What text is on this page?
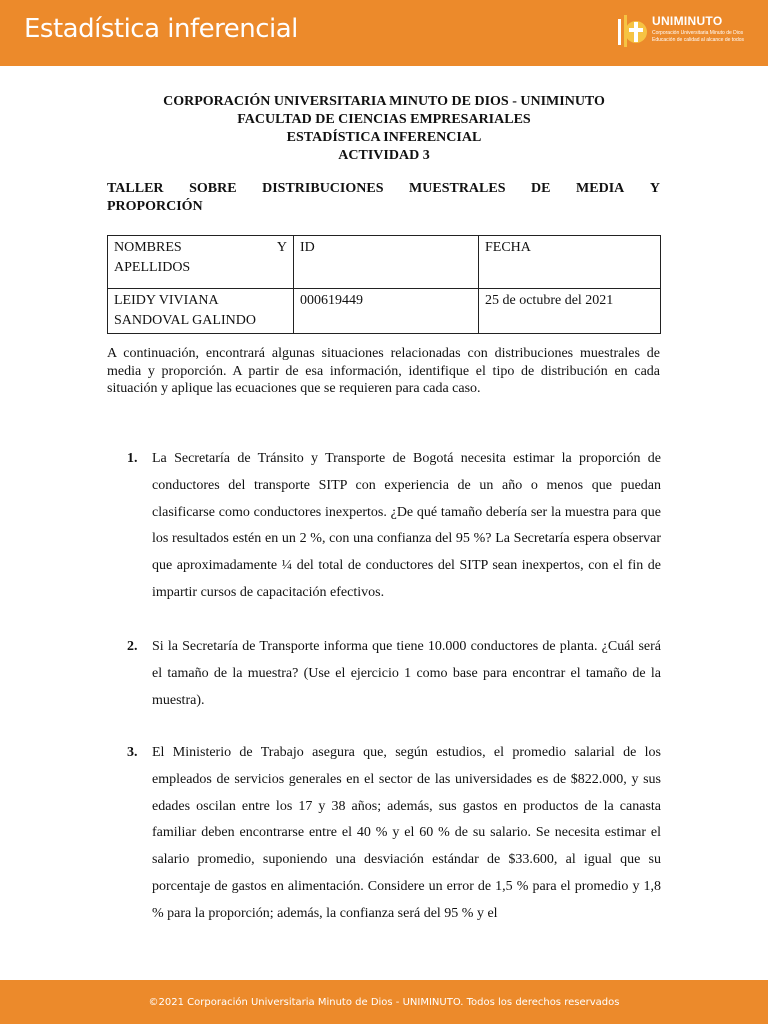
Estadística inferencial	UNIMINUTO
Corporación Universitaria Minuto de Dios
Educación de calidad al alcance de todos
CORPORACIÓN UNIVERSITARIA MINUTO DE DIOS - UNIMINUTO
FACULTAD DE CIENCIAS EMPRESARIALES
ESTADÍSTICA INFERENCIAL
ACTIVIDAD 3
TALLER SOBRE DISTRIBUCIONES MUESTRALES DE MEDIA Y
PROPORCIÓN
NOMBRES Y
APELLIDOS	ID	FECHA

LEIDY VIVIANA
SANDOVAL GALINDO	000619449	25 de octubre del 2021
A continuación, encontrará algunas situaciones relacionadas con distribuciones muestrales de media y proporción. A partir de esa información, identifique el tipo de distribución en cada situación y aplique las ecuaciones que se requieren para cada caso.
1. La Secretaría de Tránsito y Transporte de Bogotá necesita estimar la proporción de conductores del transporte SITP con experiencia de un año o menos que puedan clasificarse como conductores inexpertos. ¿De qué tamaño debería ser la muestra para que los resultados estén en un 2 %, con una confianza del 95 %? La Secretaría espera observar que aproximadamente ¼ del total de conductores del SITP sean inexpertos, con el fin de impartir cursos de capacitación efectivos.
2. Si la Secretaría de Transporte informa que tiene 10.000 conductores de planta. ¿Cuál será el tamaño de la muestra? (Use el ejercicio 1 como base para encontrar el tamaño de la muestra).
3. El Ministerio de Trabajo asegura que, según estudios, el promedio salarial de los empleados de servicios generales en el sector de las universidades es de $822.000, y sus edades oscilan entre los 17 y 38 años; además, sus gastos en productos de la canasta familiar deben encontrarse entre el 40 % y el 60 % de su salario. Se necesita estimar el salario promedio, suponiendo una desviación estándar de $33.600, al igual que su porcentaje de gastos en alimentación. Considere un error de 1,5 % para el promedio y 1,8 % para la proporción; además, la confianza será del 95 % y el
©2021 Corporación Universitaria Minuto de Dios - UNIMINUTO. Todos los derechos reservados
